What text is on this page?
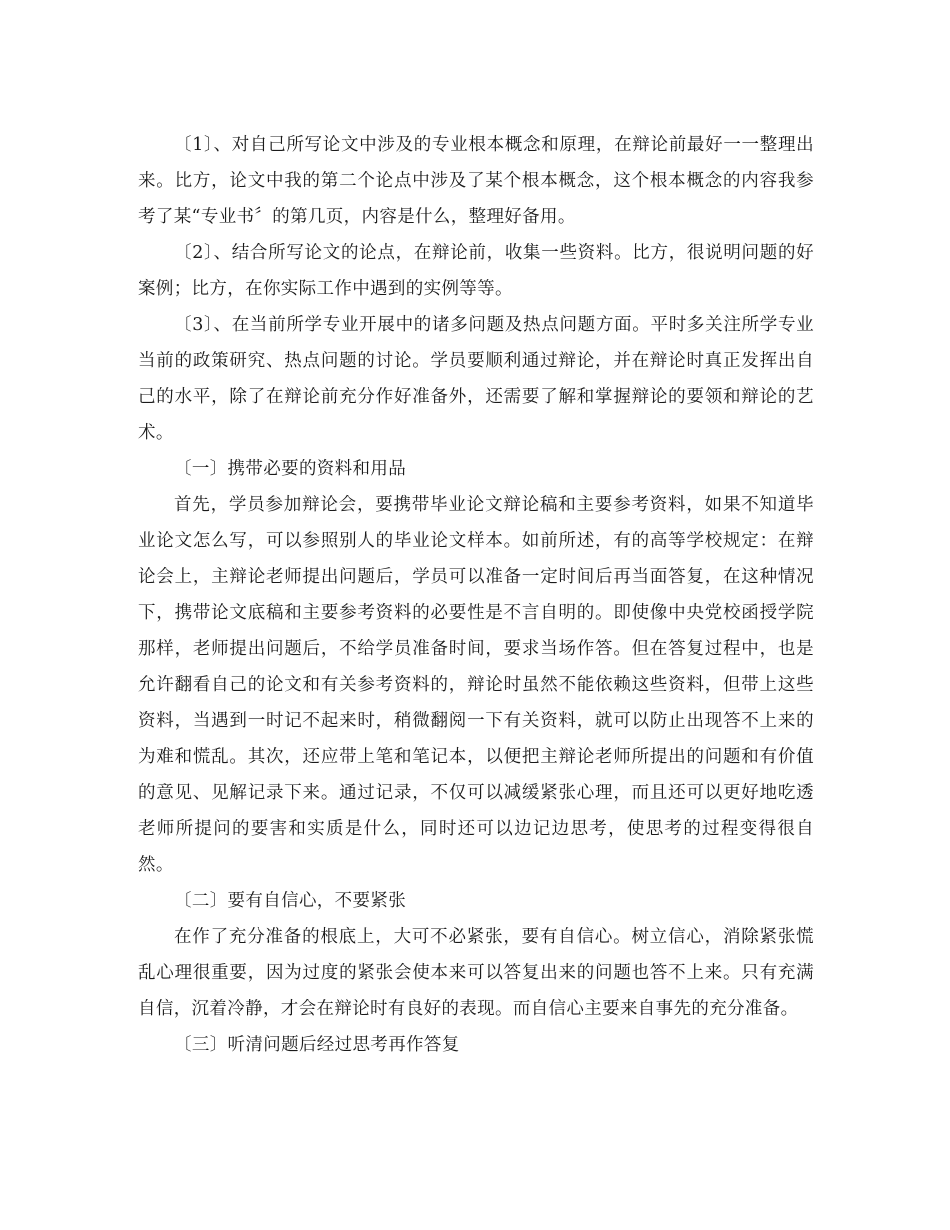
〔1〕、对自己所写论文中涉及的专业根本概念和原理，在辩论前最好一一整理出来。比方，论文中我的第二个论点中涉及了某个根本概念，这个根本概念的内容我参考了某“专业书〞的第几页，内容是什么，整理好备用。

〔2〕、结合所写论文的论点，在辩论前，收集一些资料。比方，很说明问题的好案例；比方，在你实际工作中遇到的实例等等。

〔3〕、在当前所学专业开展中的诸多问题及热点问题方面。平时多关注所学专业当前的政策研究、热点问题的讨论。学员要顺利通过辩论，并在辩论时真正发挥出自己的水平，除了在辩论前充分作好准备外，还需要了解和掌握辩论的要领和辩论的艺术。

〔一〕携带必要的资料和用品

首先，学员参加辩论会，要携带毕业论文辩论稿和主要参考资料，如果不知道毕业论文怎么写，可以参照别人的毕业论文样本。如前所述，有的高等学校规定：在辩论会上，主辩论老师提出问题后，学员可以准备一定时间后再当面答复，在这种情况下，携带论文底稿和主要参考资料的必要性是不言自明的。即使像中央党校函授学院那样，老师提出问题后，不给学员准备时间，要求当场作答。但在答复过程中，也是允许翻看自己的论文和有关参考资料的，辩论时虽然不能依赖这些资料，但带上这些资料，当遇到一时记不起来时，稍微翻阅一下有关资料，就可以防止出现答不上来的为难和慌乱。其次，还应带上笔和笔记本，以便把主辩论老师所提出的问题和有价值的意见、见解记录下来。通过记录，不仅可以减缓紧张心理，而且还可以更好地吃透老师所提问的要害和实质是什么，同时还可以边记边思考，使思考的过程变得很自然。

〔二〕要有自信心，不要紧张

在作了充分准备的根底上，大可不必紧张，要有自信心。树立信心，消除紧张慌乱心理很重要，因为过度的紧张会使本来可以答复出来的问题也答不上来。只有充满自信，沉着冷静，才会在辩论时有良好的表现。而自信心主要来自事先的充分准备。

〔三〕听清问题后经过思考再作答复
